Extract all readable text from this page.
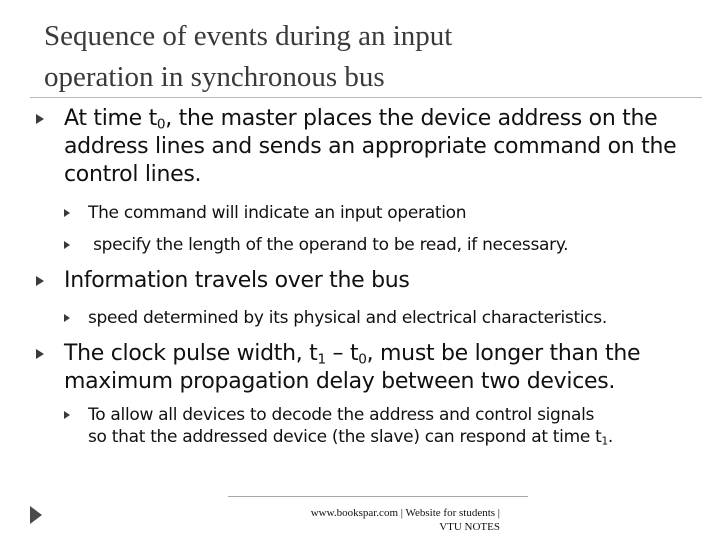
Sequence of events during an input
operation in synchronous bus
At time $t_0$, the master places the device address on the
address lines and sends an appropriate command on the
control lines.
The command will indicate an input operation
specify the length of the operand to be read, if necessary.
Information travels over the bus
speed determined by its physical and electrical characteristics.
The clock pulse width, $t_1 - t_0$, must be longer than the
maximum propagation delay between two devices.
To allow all devices to decode the address and control signals
so that the addressed device (the slave) can respond at time $t_1$.
www.bookspar.com | Website for students |
VTU NOTES
